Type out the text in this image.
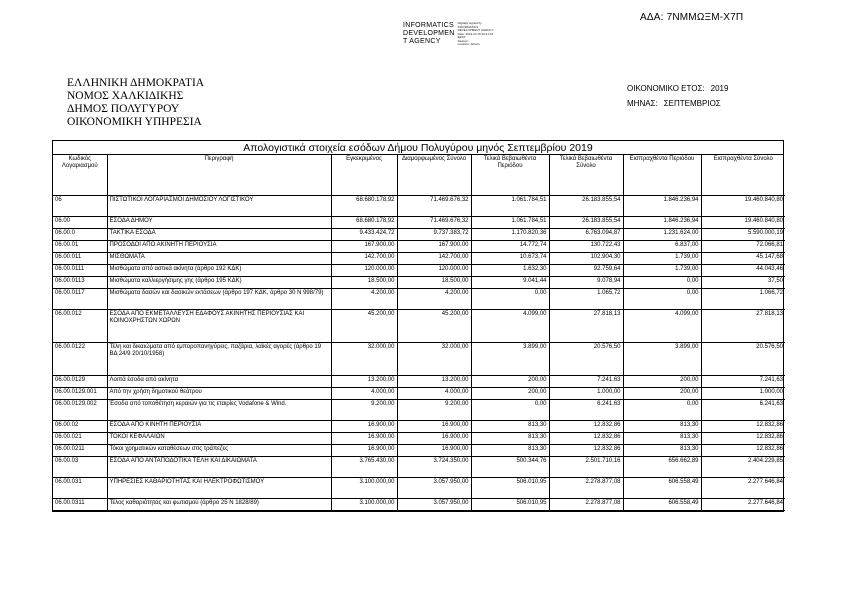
ΑΔΑ: 7ΝΜΜΩΞΜ-Χ7Π
INFORMATICS
DEVELOPMEN
T AGENCY
Digitally signed by
INFORMATICS
DEVELOPMENT AGENCY
Date: 2019.10.15 09:21:16
EEST
Reason:
Location: Athens
ΕΛΛΗΝΙΚΗ ΔΗΜΟΚΡΑΤΙΑ
ΝΟΜΟΣ ΧΑΛΚΙΔΙΚΗΣ
ΔΗΜΟΣ ΠΟΛΥΓΥΡΟΥ
ΟΙΚΟΝΟΜΙΚΗ ΥΠΗΡΕΣΙΑ
ΟΙΚΟΝΟΜΙΚΟ ΕΤΟΣ: 2019
ΜΗΝΑΣ: ΣΕΠΤΕΜΒΡΙΟΣ
Απολογιστικά στοιχεία εσόδων Δήμου Πολυγύρου μηνός Σεπτεμβρίου 2019
Κωδικός Λογαριασμού	Περιγραφή	Εγκεκριμένος	Διαμορφωμένος Σύνολο	Τελικά Βεβαιωθέντα Περιόδου	Τελικά Βεβαιωθέντα Σύνολο	Εισπραχθέντα Περιόδου	Εισπραχθέντα Σύνολο
06	ΠΙΣΤΩΤΙΚΟΙ ΛΟΓΑΡΙΑΣΜΟΙ ΔΗΜΟΣΙΟΥ ΛΟΓΙΣΤΙΚΟΥ	68.680.178,92	71.469.676,32	1.061.784,51	26.183.855,54	1.846.236,94	19.460.840,80
06.00	ΕΣΟΔΑ ΔΗΜΟΥ	68.680.178,92	71.469.676,32	1.061.784,51	26.183.855,54	1.846.236,94	19.460.840,80
06.00.0	ΤΑΚΤΙΚΑ ΕΣΟΔΑ	9.433.424,72	9.737.383,72	1.170.820,36	6.763.094,87	1.231.624,00	5.590.000,19
06.00.01	ΠΡΟΣΟΔΟΙ ΑΠΟ ΑΚΙΝΗΤΗ ΠΕΡΙΟΥΣΙΑ	167.900,00	167.900,00	14.772,74	130.722,43	6.837,00	72.066,81
06.00.011	ΜΙΣΘΩΜΑΤΑ	142.700,00	142.700,00	10.673,74	102.904,30	1.739,00	45.147,68
06.00.0111	Μισθώματα από αστικά ακίνητα (άρθρο 192 ΚΔΚ)	120.000,00	120.000,00	1.632,30	92.759,64	1.739,00	44.043,46
06.00.0113	Μισθώματα καλλιεργήσιμης γης (άρθρο 195 ΚΔΚ)	18.500,00	18.500,00	9.041,44	9.078,94	0,00	37,50
06.00.0117	Μισθώματα δασών και δασικών εκτάσεων (άρθρο 197 ΚΔΚ, άρθρο 30 Ν 998/79)	4.200,00	4.200,00	0,00	1.065,72	0,00	1.066,72
06.00.012	ΕΣΟΔΑ ΑΠΟ ΕΚΜΕΤΑΛΛΕΥΣΗ ΕΔΑΦΟΥΣ ΑΚΙΝΗΤΗΣ ΠΕΡΙΟΥΣΙΑΣ ΚΑΙ ΚΟΙΝΟΧΡΗΣΤΩΝ ΧΩΡΩΝ	45.200,00	45.200,00	4.099,00	27.818,13	4.099,00	27.818,13
06.00.0122	Τέλη και δικαιώματα από εμποροπανηγύρεις, παζάρια, λαϊκές αγορές (άρθρο 19 ΒΔ 24/9 20/10/1958)	32.000,00	32.000,00	3.899,00	20.576,50	3.899,00	20.576,50
06.00.0129	Λοιπά έσοδα από ακίνητα	13.200,00	13.200,00	200,00	7.241,63	200,00	7.241,63
06.00.0129.001	Από την χρήση δημοτικού θεάτρου	4.000,00	4.000,00	200,00	1.000,00	200,00	1.000,00
06.00.0129.002	Έσοδα από τοποθέτηση κεραιών για τις εταιρίες Vodafone & Wind.	9.200,00	9.200,00	0,00	6.241,63	0,00	6.241,63
06.00.02	ΕΣΟΔΑ ΑΠΟ ΚΙΝΗΤΗ ΠΕΡΙΟΥΣΙΑ	16.900,00	16.900,00	813,30	12.832,86	813,30	12.832,86
06.00.021	ΤΟΚΟΙ ΚΕΦΑΛΑΙΩΝ	16.900,00	16.900,00	813,30	12.832,86	813,30	12.832,86
06.00.0211	Τόκοι χρηματικών καταθέσεων στις τράπεζες	16.900,00	16.900,00	813,30	12.832,86	813,30	12.832,86
06.00.03	ΕΣΟΔΑ ΑΠΟ ΑΝΤΑΠΟΔΟΤΙΚΑ ΤΕΛΗ ΚΑΙ ΔΙΚΑΙΩΜΑΤΑ	3.765.430,00	3.724.350,00	500.344,76	2.501.710,16	656.662,89	2.404.229,85
06.00.031	ΥΠΗΡΕΣΙΕΣ ΚΑΘΑΡΙΟΤΗΤΑΣ ΚΑΙ ΗΛΕΚΤΡΟΦΩΤΙΣΜΟΥ	3.100.000,00	3.057.950,00	506.010,95	2.278.877,08	606.558,49	2.277.646,84
06.00.0311	Τέλος καθαριότητας και φωτισμού (άρθρο 25 Ν 1828/89)	3.100.000,00	3.057.950,00	506.010,95	2.278.877,08	606.558,49	2.277.646,84
